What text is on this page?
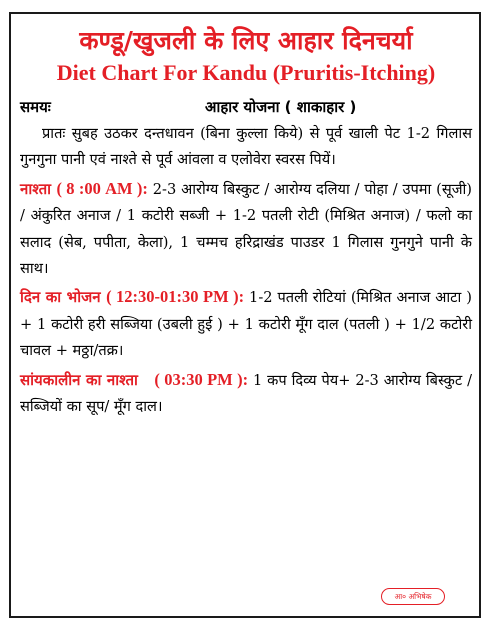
कण्डू/खुजली के लिए आहार दिनचर्या
Diet Chart For Kandu (Pruritis-Itching)
समयः	आहार योजना ( शाकाहार )

प्रातः सुबह उठकर दन्तधावन (बिना कुल्ला किये) से पूर्व खाली पेट 1-2 गिलास गुनगुना पानी एवं नाश्ते से पूर्व आंवला व एलोवेरा स्वरस पियें।

नाश्ता ( 8 :00 AM ): 2-3 आरोग्य बिस्कुट / आरोग्य दलिया / पोहा / उपमा (सूजी) / अंकुरित अनाज / 1 कटोरी सब्जी + 1-2 पतली रोटी (मिश्रित अनाज) / फलो का सलाद (सेब, पपीता, केला), 1 चम्मच हरिद्राखंड पाउडर 1 गिलास गुनगुने पानी के साथ।

दिन का भोजन ( 12:30-01:30 PM ): 1-2 पतली रोटियां (मिश्रित अनाज आटा ) + 1 कटोरी हरी सब्जिया (उबली हुई ) + 1 कटोरी मूँग दाल (पतली ) + 1/2 कटोरी चावल + मठ्ठा/तक्र।

सांयकालीन का नाश्ता ( 03:30 PM ): 1 कप दिव्य पेय+ 2-3 आरोग्य बिस्कुट / सब्जियों का सूप/ मूँग दाल।

आ० अभिषेक
